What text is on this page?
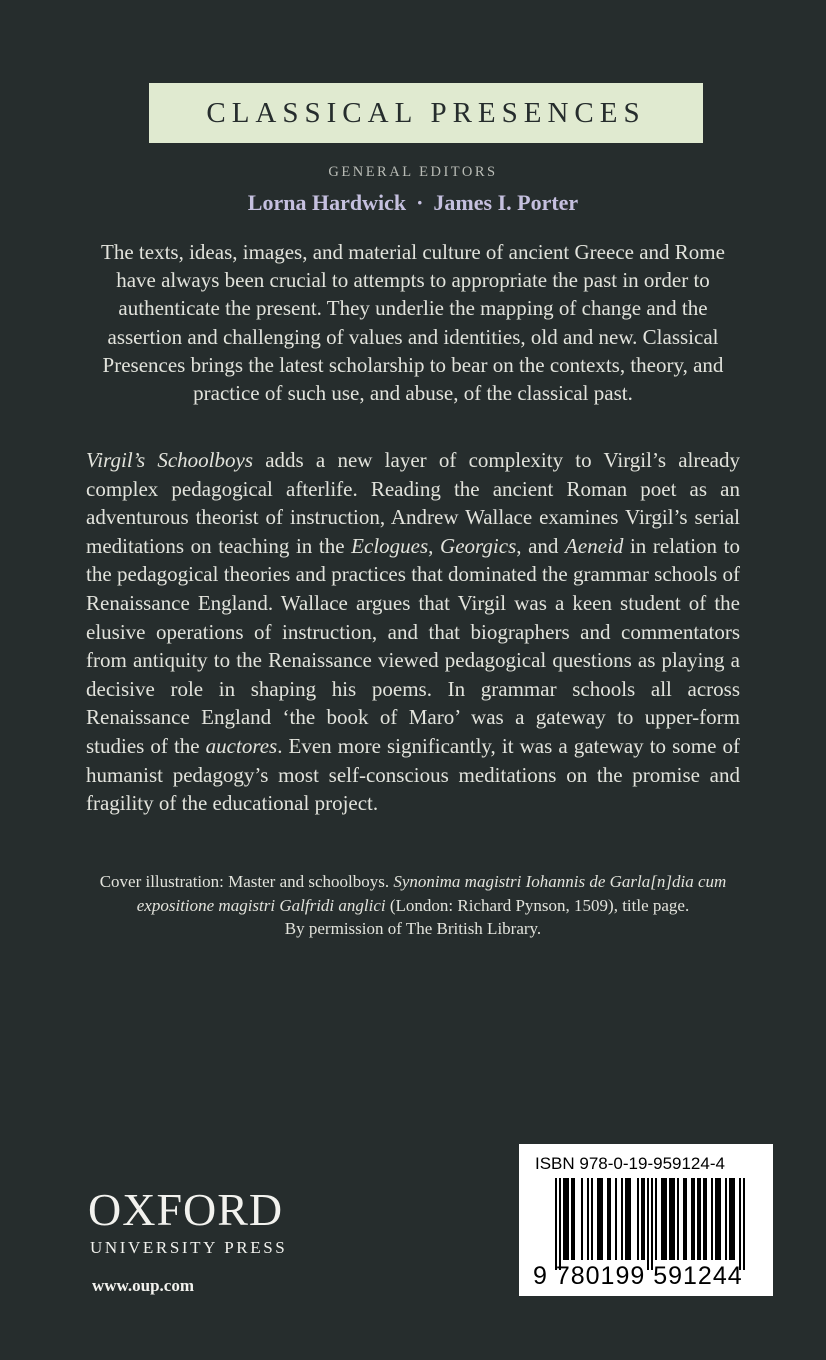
CLASSICAL PRESENCES
GENERAL EDITORS
Lorna Hardwick · James I. Porter

The texts, ideas, images, and material culture of ancient Greece and Rome have always been crucial to attempts to appropriate the past in order to authenticate the present. They underlie the mapping of change and the assertion and challenging of values and identities, old and new. Classical Presences brings the latest scholarship to bear on the contexts, theory, and practice of such use, and abuse, of the classical past.

Virgil’s Schoolboys adds a new layer of complexity to Virgil’s already complex pedagogical afterlife. Reading the ancient Roman poet as an adventurous theorist of instruction, Andrew Wallace examines Virgil’s serial meditations on teaching in the Eclogues, Georgics, and Aeneid in relation to the pedagogical theories and practices that dominated the grammar schools of Renaissance England. Wallace argues that Virgil was a keen student of the elusive operations of instruction, and that biographers and commentators from antiquity to the Renaissance viewed pedagogical questions as playing a decisive role in shaping his poems. In grammar schools all across Renaissance England ‘the book of Maro’ was a gateway to upper-form studies of the auctores. Even more significantly, it was a gateway to some of humanist pedagogy’s most self-conscious meditations on the promise and fragility of the educational project.

Cover illustration: Master and schoolboys. Synonima magistri Iohannis de Garla[n]dia cum expositione magistri Galfridi anglici (London: Richard Pynson, 1509), title page.
By permission of The British Library.

OXFORD
UNIVERSITY PRESS
www.oup.com
ISBN 978-0-19-959124-4
9 780199 591244
